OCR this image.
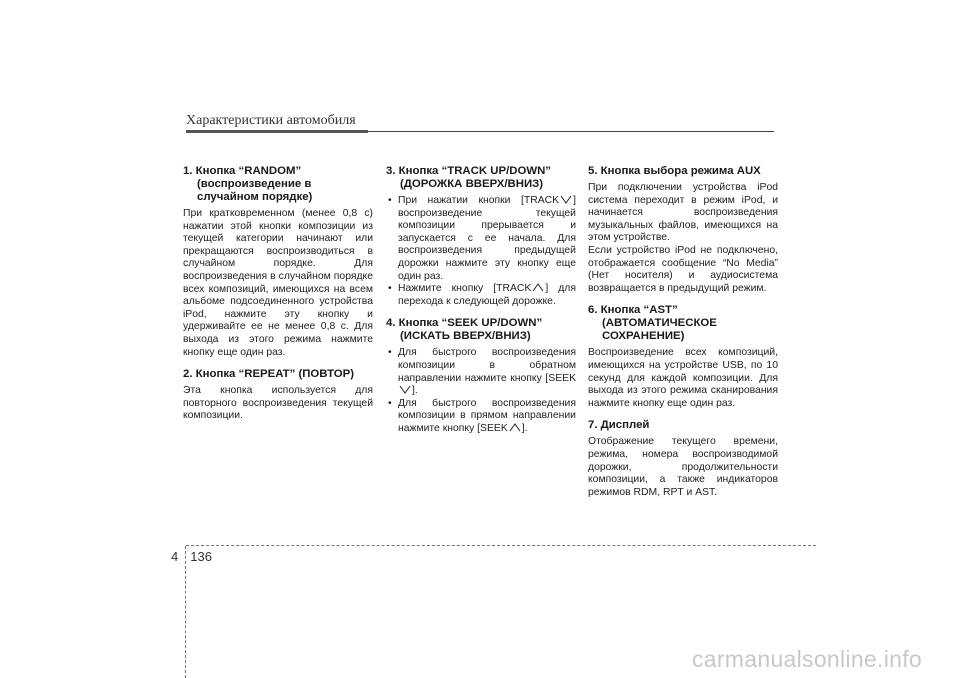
Характеристики автомобиля
1. Кнопка “RANDOM”
(воспроизведение в случайном порядке)

При кратковременном (менее 0,8 с) нажатии этой кнопки композиции из текущей категории начинают или прекращаются воспроизводиться в случайном порядке. Для воспроизведения в случайном порядке всех композиций, имеющихся на всем альбоме подсоединенного устройства iPod, нажмите эту кнопку и удерживайте ее не менее 0,8 с. Для выхода из этого режима нажмите кнопку еще один раз.

2. Кнопка “REPEAT” (ПОВТОР)

Эта кнопка используется для повторного воспроизведения текущей композиции.

3. Кнопка “TRACK UP/DOWN”
(ДОРОЖКА ВВЕРХ/ВНИЗ)
• При нажатии кнопки [TRACK ] воспроизведение текущей композиции прерывается и запускается с ее начала. Для воспроизведения предыдущей дорожки нажмите эту кнопку еще один раз.
• Нажмите кнопку [TRACK ] для перехода к следующей дорожке.
4. Кнопка “SEEK UP/DOWN”
(ИСКАТЬ ВВЕРХ/ВНИЗ)
• Для быстрого воспроизведения композиции в обратном направлении нажмите кнопку [SEEK
].
• Для быстрого воспроизведения композиции в прямом направлении нажмите кнопку [SEEK ].
5. Кнопка выбора режима AUX

При подключении устройства iPod система переходит в режим iPod, и начинается воспроизведения музыкальных файлов, имеющихся на этом устройстве.

Если устройство iPod не подключено, отображается сообщение “No Media” (Нет носителя) и аудиосистема возвращается в предыдущий режим.

6. Кнопка “AST”
(АВТОМАТИЧЕСКОЕ СОХРАНЕНИЕ)

Воспроизведение всех композиций, имеющихся на устройстве USB, по 10 секунд для каждой композиции. Для выхода из этого режима сканирования нажмите кнопку еще один раз.

7. Дисплей

Отображение текущего времени, режима, номера воспроизводимой дорожки, продолжительности композиции, а также индикаторов режимов RDM, RPT и AST.

4 136
carmanualsonline.info
